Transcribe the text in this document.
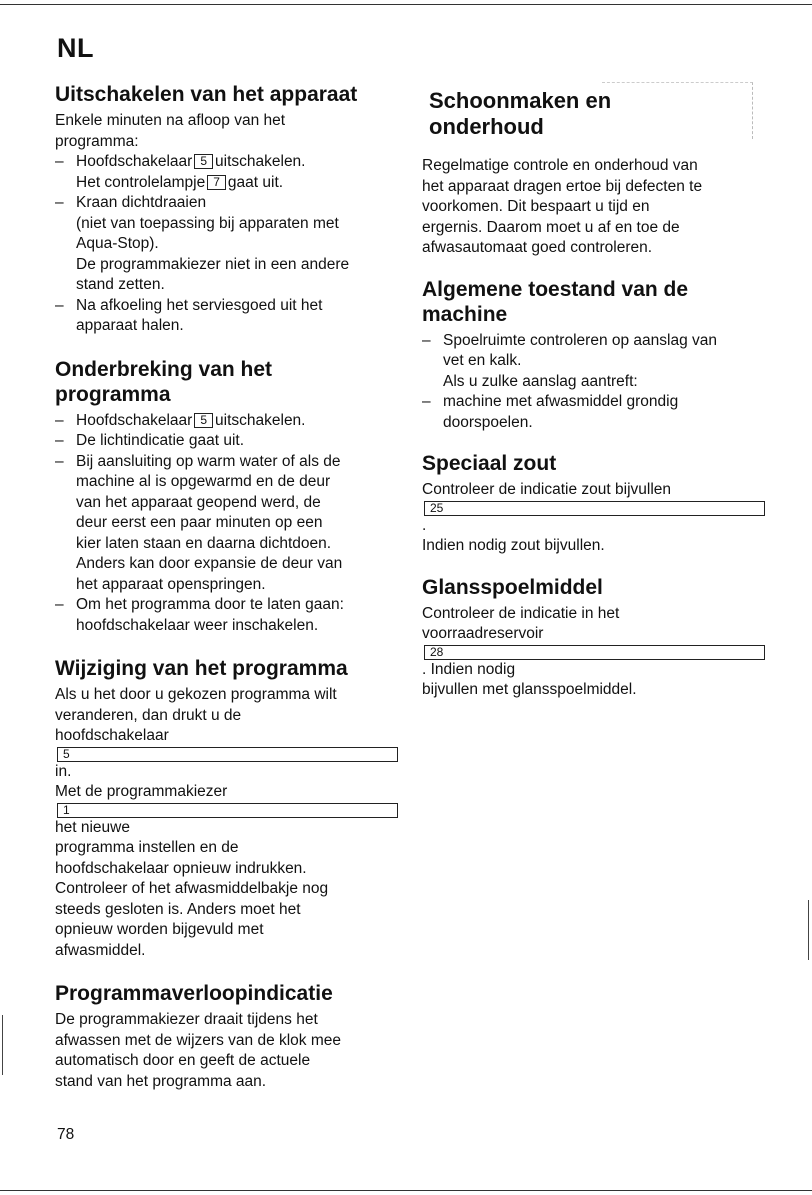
NL
Uitschakelen van het apparaat

Enkele minuten na afloop van het
programma:

– Hoofdschakelaar 5 uitschakelen.
Het controlelampje 7 gaat uit.
– Kraan dichtdraaien
(niet van toepassing bij apparaten met
Aqua-Stop).
De programmakiezer niet in een andere
stand zetten.
– Na afkoeling het serviesgoed uit het
apparaat halen.
Onderbreking van het
programma
– Hoofdschakelaar 5 uitschakelen.
– De lichtindicatie gaat uit.
– Bij aansluiting op warm water of als de
machine al is opgewarmd en de deur
van het apparaat geopend werd, de
deur eerst een paar minuten op een
kier laten staan en daarna dichtdoen.
Anders kan door expansie de deur van
het apparaat openspringen.
– Om het programma door te laten gaan:
hoofdschakelaar weer inschakelen.
Wijziging van het programma

Als u het door u gekozen programma wilt
veranderen, dan drukt u de
hoofdschakelaar
5
in.
Met de programmakiezer
1
het nieuwe
programma instellen en de
hoofdschakelaar opnieuw indrukken.
Controleer of het afwasmiddelbakje nog
steeds gesloten is. Anders moet het
opnieuw worden bijgevuld met
afwasmiddel.

Programmaverloopindicatie

De programmakiezer draait tijdens het
afwassen met de wijzers van de klok mee
automatisch door en geeft de actuele
stand van het programma aan.

Schoonmaken en
onderhoud

Regelmatige controle en onderhoud van
het apparaat dragen ertoe bij defecten te
voorkomen. Dit bespaart u tijd en
ergernis. Daarom moet u af en toe de
afwasautomaat goed controleren.

Algemene toestand van de
machine
– Spoelruimte controleren op aanslag van
vet en kalk.
Als u zulke aanslag aantreft:
– machine met afwasmiddel grondig
doorspoelen.
Speciaal zout

Controleer de indicatie zout bijvullen
25
.
Indien nodig zout bijvullen.

Glansspoelmiddel

Controleer de indicatie in het
voorraadreservoir
28
. Indien nodig
bijvullen met glansspoelmiddel.

78
